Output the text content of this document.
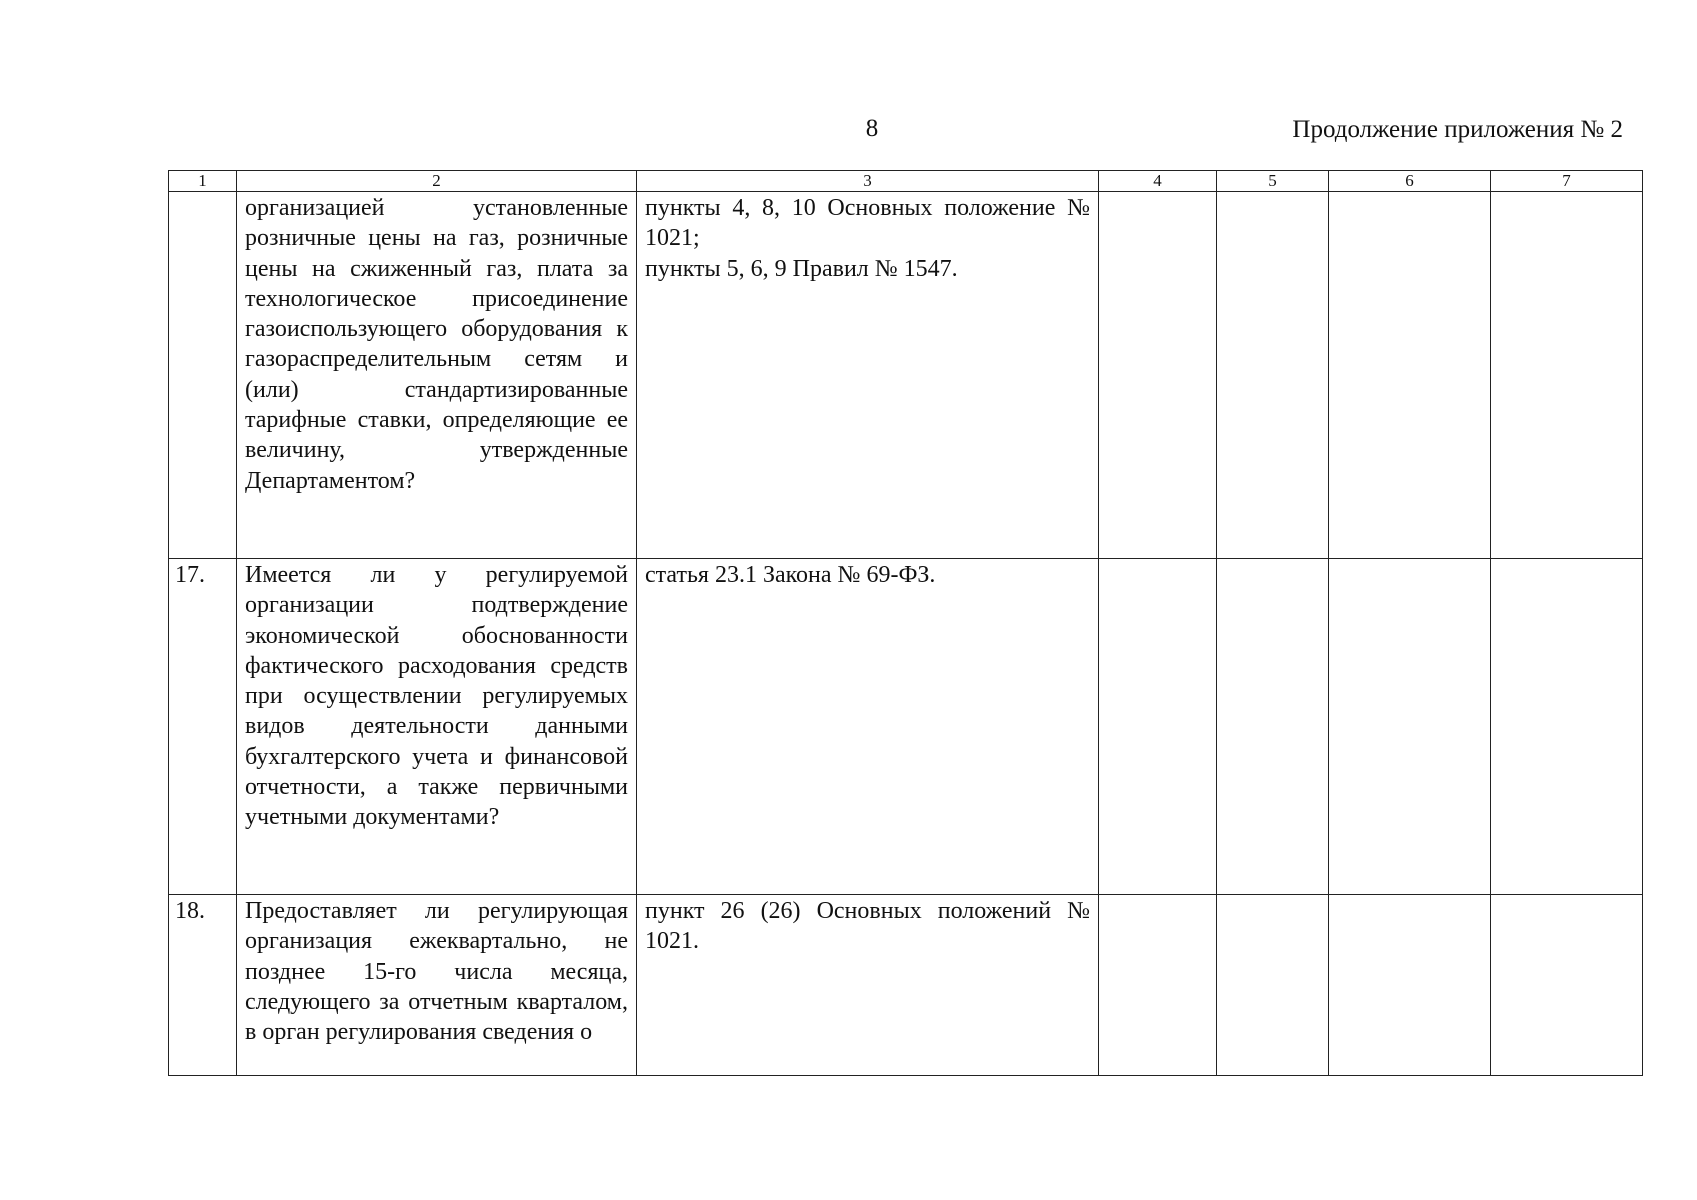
8	Продолжение приложения № 2
1	2	3	4	5	6	7

	организацией установленные розничные цены на газ, розничные цены на сжиженный газ, плата за технологическое присоединение газоиспользующего оборудования к газораспределительным сетям и (или) стандартизированные тарифные ставки, определяющие ее величину, утвержденные Департаментом?	пункты 4, 8, 10 Основных положение № 1021;
пункты 5, 6, 9 Правил № 1547.				

17.	Имеется ли у регулируемой организации подтверждение экономической обоснованности фактического расходования средств при осуществлении регулируемых видов деятельности данными бухгалтерского учета и финансовой отчетности, а также первичными учетными документами?	статья 23.1 Закона № 69-ФЗ.				

18.	Предоставляет ли регулирующая организация ежеквартально, не позднее 15-го числа месяца, следующего за отчетным кварталом, в орган регулирования сведения о	пункт 26 (26) Основных положений № 1021.				
